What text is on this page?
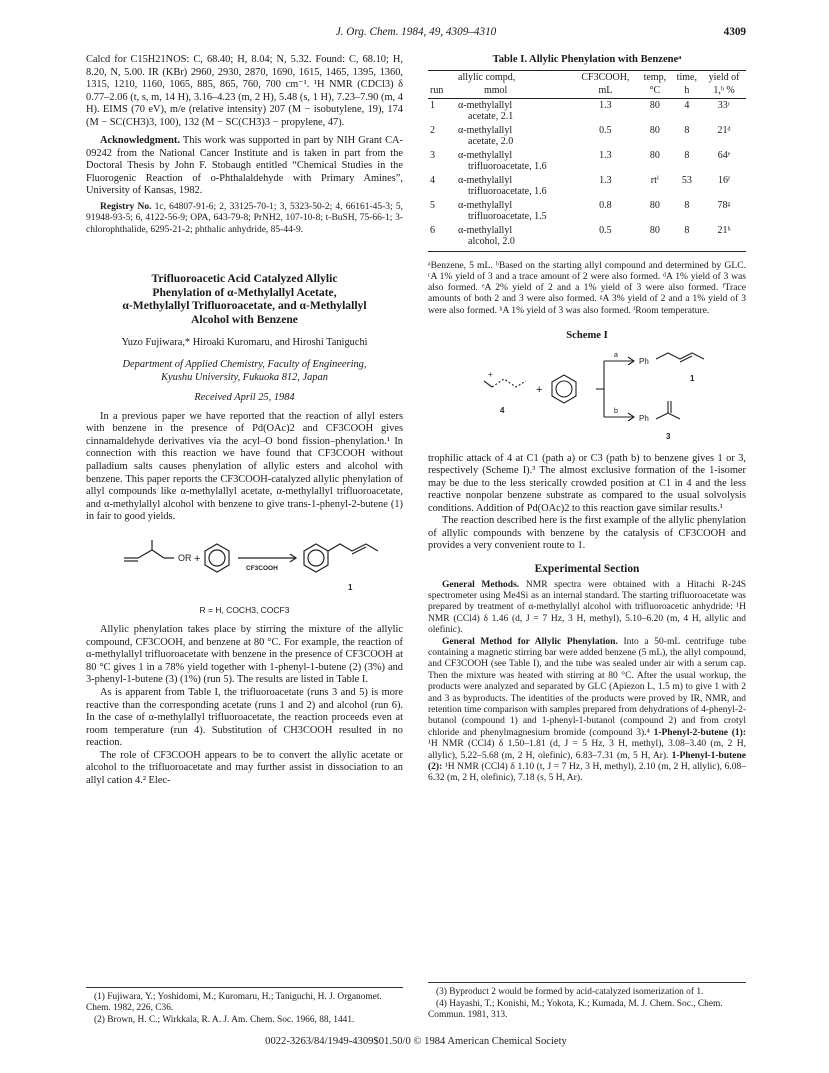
J. Org. Chem. 1984, 49, 4309–4310	4309

Calcd for C15H21NOS: C, 68.40; H, 8.04; N, 5.32. Found: C, 68.10; H, 8.20, N, 5.00. IR (KBr) 2960, 2930, 2870, 1690, 1615, 1465, 1395, 1360, 1315, 1210, 1160, 1065, 885, 865, 760, 700 cm⁻¹. ¹H NMR (CDCl3) δ 0.77–2.06 (t, s, m, 14 H), 3.16–4.23 (m, 2 H), 5.48 (s, 1 H), 7.23–7.90 (m, 4 H). EIMS (70 eV), m/e (relative intensity) 207 (M − isobutylene, 19), 174 (M − SC(CH3)3, 100), 132 (M − SC(CH3)3 − propylene, 47).

Acknowledgment. This work was supported in part by NIH Grant CA-09242 from the National Cancer Institute and is taken in part from the Doctoral Thesis by John F. Stobaugh entitled “Chemical Studies in the Fluorogenic Reaction of o-Phthalaldehyde with Primary Amines”, University of Kansas, 1982.

Registry No. 1c, 64807-91-6; 2, 33125-70-1; 3, 5323-50-2; 4, 66161-45-3; 5, 91948-93-5; 6, 4122-56-9; OPA, 643-79-8; PrNH2, 107-10-8; t-BuSH, 75-66-1; 3-chlorophthalide, 6295-21-2; phthalic anhydride, 85-44-9.

Trifluoroacetic Acid Catalyzed Allylic
Phenylation of α-Methylallyl Acetate,
α-Methylallyl Trifluoroacetate, and α-Methylallyl
Alcohol with Benzene
Yuzo Fujiwara,* Hiroaki Kuromaru, and Hiroshi Taniguchi
Department of Applied Chemistry, Faculty of Engineering,
Kyushu University, Fukuoka 812, Japan
Received April 25, 1984

In a previous paper we have reported that the reaction of allyl esters with benzene in the presence of Pd(OAc)2 and CF3COOH gives cinnamaldehyde derivatives via the acyl–O bond fission–phenylation.¹ In connection with this reaction we have found that CF3COOH without palladium salts causes phenylation of allylic esters and alcohol with benzene. This paper reports the CF3COOH-catalyzed allylic phenylation of allyl compounds like α-methylallyl acetate, α-methylallyl trifluoroacetate, and α-methylallyl alcohol with benzene to give trans-1-phenyl-2-butene (1) in fair to good yields.

OR +
CF3COOH
1
R = H, COCH3, COCF3

Allylic phenylation takes place by stirring the mixture of the allylic compound, CF3COOH, and benzene at 80 °C. For example, the reaction of α-methylallyl trifluoroacetate with benzene in the presence of CF3COOH at 80 °C gives 1 in a 78% yield together with 1-phenyl-1-butene (2) (3%) and 3-phenyl-1-butene (3) (1%) (run 5). The results are listed in Table I.

As is apparent from Table I, the trifluoroacetate (runs 3 and 5) is more reactive than the corresponding acetate (runs 1 and 2) and alcohol (run 6). In the case of α-methylallyl trifluoroacetate, the reaction proceeds even at room temperature (run 4). Substitution of CH3COOH resulted in no reaction.

The role of CF3COOH appears to be to convert the allylic acetate or alcohol to the trifluoroacetate and may further assist in dissociation to an allyl cation 4.² Elec-

Table I. Allylic Phenylation with Benzeneᵃ
	allylic compd,	CF3COOH,	temp,	time,	yield of
run	mmol	mL	°C	h	1,ᵇ %
1	α-methylallyl
acetate, 2.1	1.3	80	4	33ᶜ
2	α-methylallyl
acetate, 2.0	0.5	80	8	21ᵈ
3	α-methylallyl
trifluoroacetate, 1.6	1.3	80	8	64ᵉ
4	α-methylallyl
trifluoroacetate, 1.6	1.3	rtⁱ	53	16ᶠ
5	α-methylallyl
trifluoroacetate, 1.5	0.8	80	8	78ᵍ
6	α-methylallyl
alcohol, 2.0	0.5	80	8	21ʰ
ᵃBenzene, 5 mL. ᵇBased on the starting allyl compound and determined by GLC. ᶜA 1% yield of 3 and a trace amount of 2 were also formed. ᵈA 1% yield of 3 was also formed. ᵉA 2% yield of 2 and a 1% yield of 3 were also formed. ᶠTrace amounts of both 2 and 3 were also formed. ᵍA 3% yield of 2 and a 1% yield of 3 were also formed. ʰA 1% yield of 3 was also formed. ⁱRoom temperature.
Scheme I
+
4
+
a
b
Ph
Ph
1
3

trophilic attack of 4 at C1 (path a) or C3 (path b) to benzene gives 1 or 3, respectively (Scheme I).³ The almost exclusive formation of the 1-isomer may be due to the less sterically crowded position at C1 in 4 and the less reactive nonpolar benzene substrate as compared to the usual solvolysis conditions. Addition of Pd(OAc)2 to this reaction gave similar results.¹

The reaction described here is the first example of the allylic phenylation of allylic compounds with benzene by the catalysis of CF3COOH and provides a very convenient route to 1.

Experimental Section

General Methods. NMR spectra were obtained with a Hitachi R-24S spectrometer using Me4Si as an internal standard. The starting trifluoroacetate was prepared by treatment of α-methylallyl alcohol with trifluoroacetic anhydride: ¹H NMR (CCl4) δ 1.46 (d, J = 7 Hz, 3 H, methyl), 5.10–6.20 (m, 4 H, allylic and olefinic).

General Method for Allylic Phenylation. Into a 50-mL centrifuge tube containing a magnetic stirring bar were added benzene (5 mL), the allyl compound, and CF3COOH (see Table I), and the tube was sealed under air with a serum cap. Then the mixture was heated with stirring at 80 °C. After the usual workup, the products were analyzed and separated by GLC (Apiezon L, 1.5 m) to give 1 with 2 and 3 as byproducts. The identities of the products were proved by IR, NMR, and retention time comparison with samples prepared from dehydrations of 4-phenyl-2-butanol (compound 1) and 1-phenyl-1-butanol (compound 2) and from crotyl chloride and phenylmagnesium bromide (compound 3).⁴ 1-Phenyl-2-butene (1): ¹H NMR (CCl4) δ 1.50–1.81 (d, J = 5 Hz, 3 H, methyl), 3.08–3.40 (m, 2 H, allylic), 5.22–5.68 (m, 2 H, olefinic), 6.83–7.31 (m, 5 H, Ar). 1-Phenyl-1-butene (2): ¹H NMR (CCl4) δ 1.10 (t, J = 7 Hz, 3 H, methyl), 2.10 (m, 2 H, allylic), 6.08–6.32 (m, 2 H, olefinic), 7.18 (s, 5 H, Ar).

(1) Fujiwara, Y.; Yoshidomi, M.; Kuromaru, H.; Taniguchi, H. J. Organomet. Chem. 1982, 226, C36.

(2) Brown, H. C.; Wirkkala, R. A. J. Am. Chem. Soc. 1966, 88, 1441.

(3) Byproduct 2 would be formed by acid-catalyzed isomerization of 1.

(4) Hayashi, T.; Konishi, M.; Yokota, K.; Kumada, M. J. Chem. Soc., Chem. Commun. 1981, 313.

0022-3263/84/1949-4309$01.50/0 © 1984 American Chemical Society
